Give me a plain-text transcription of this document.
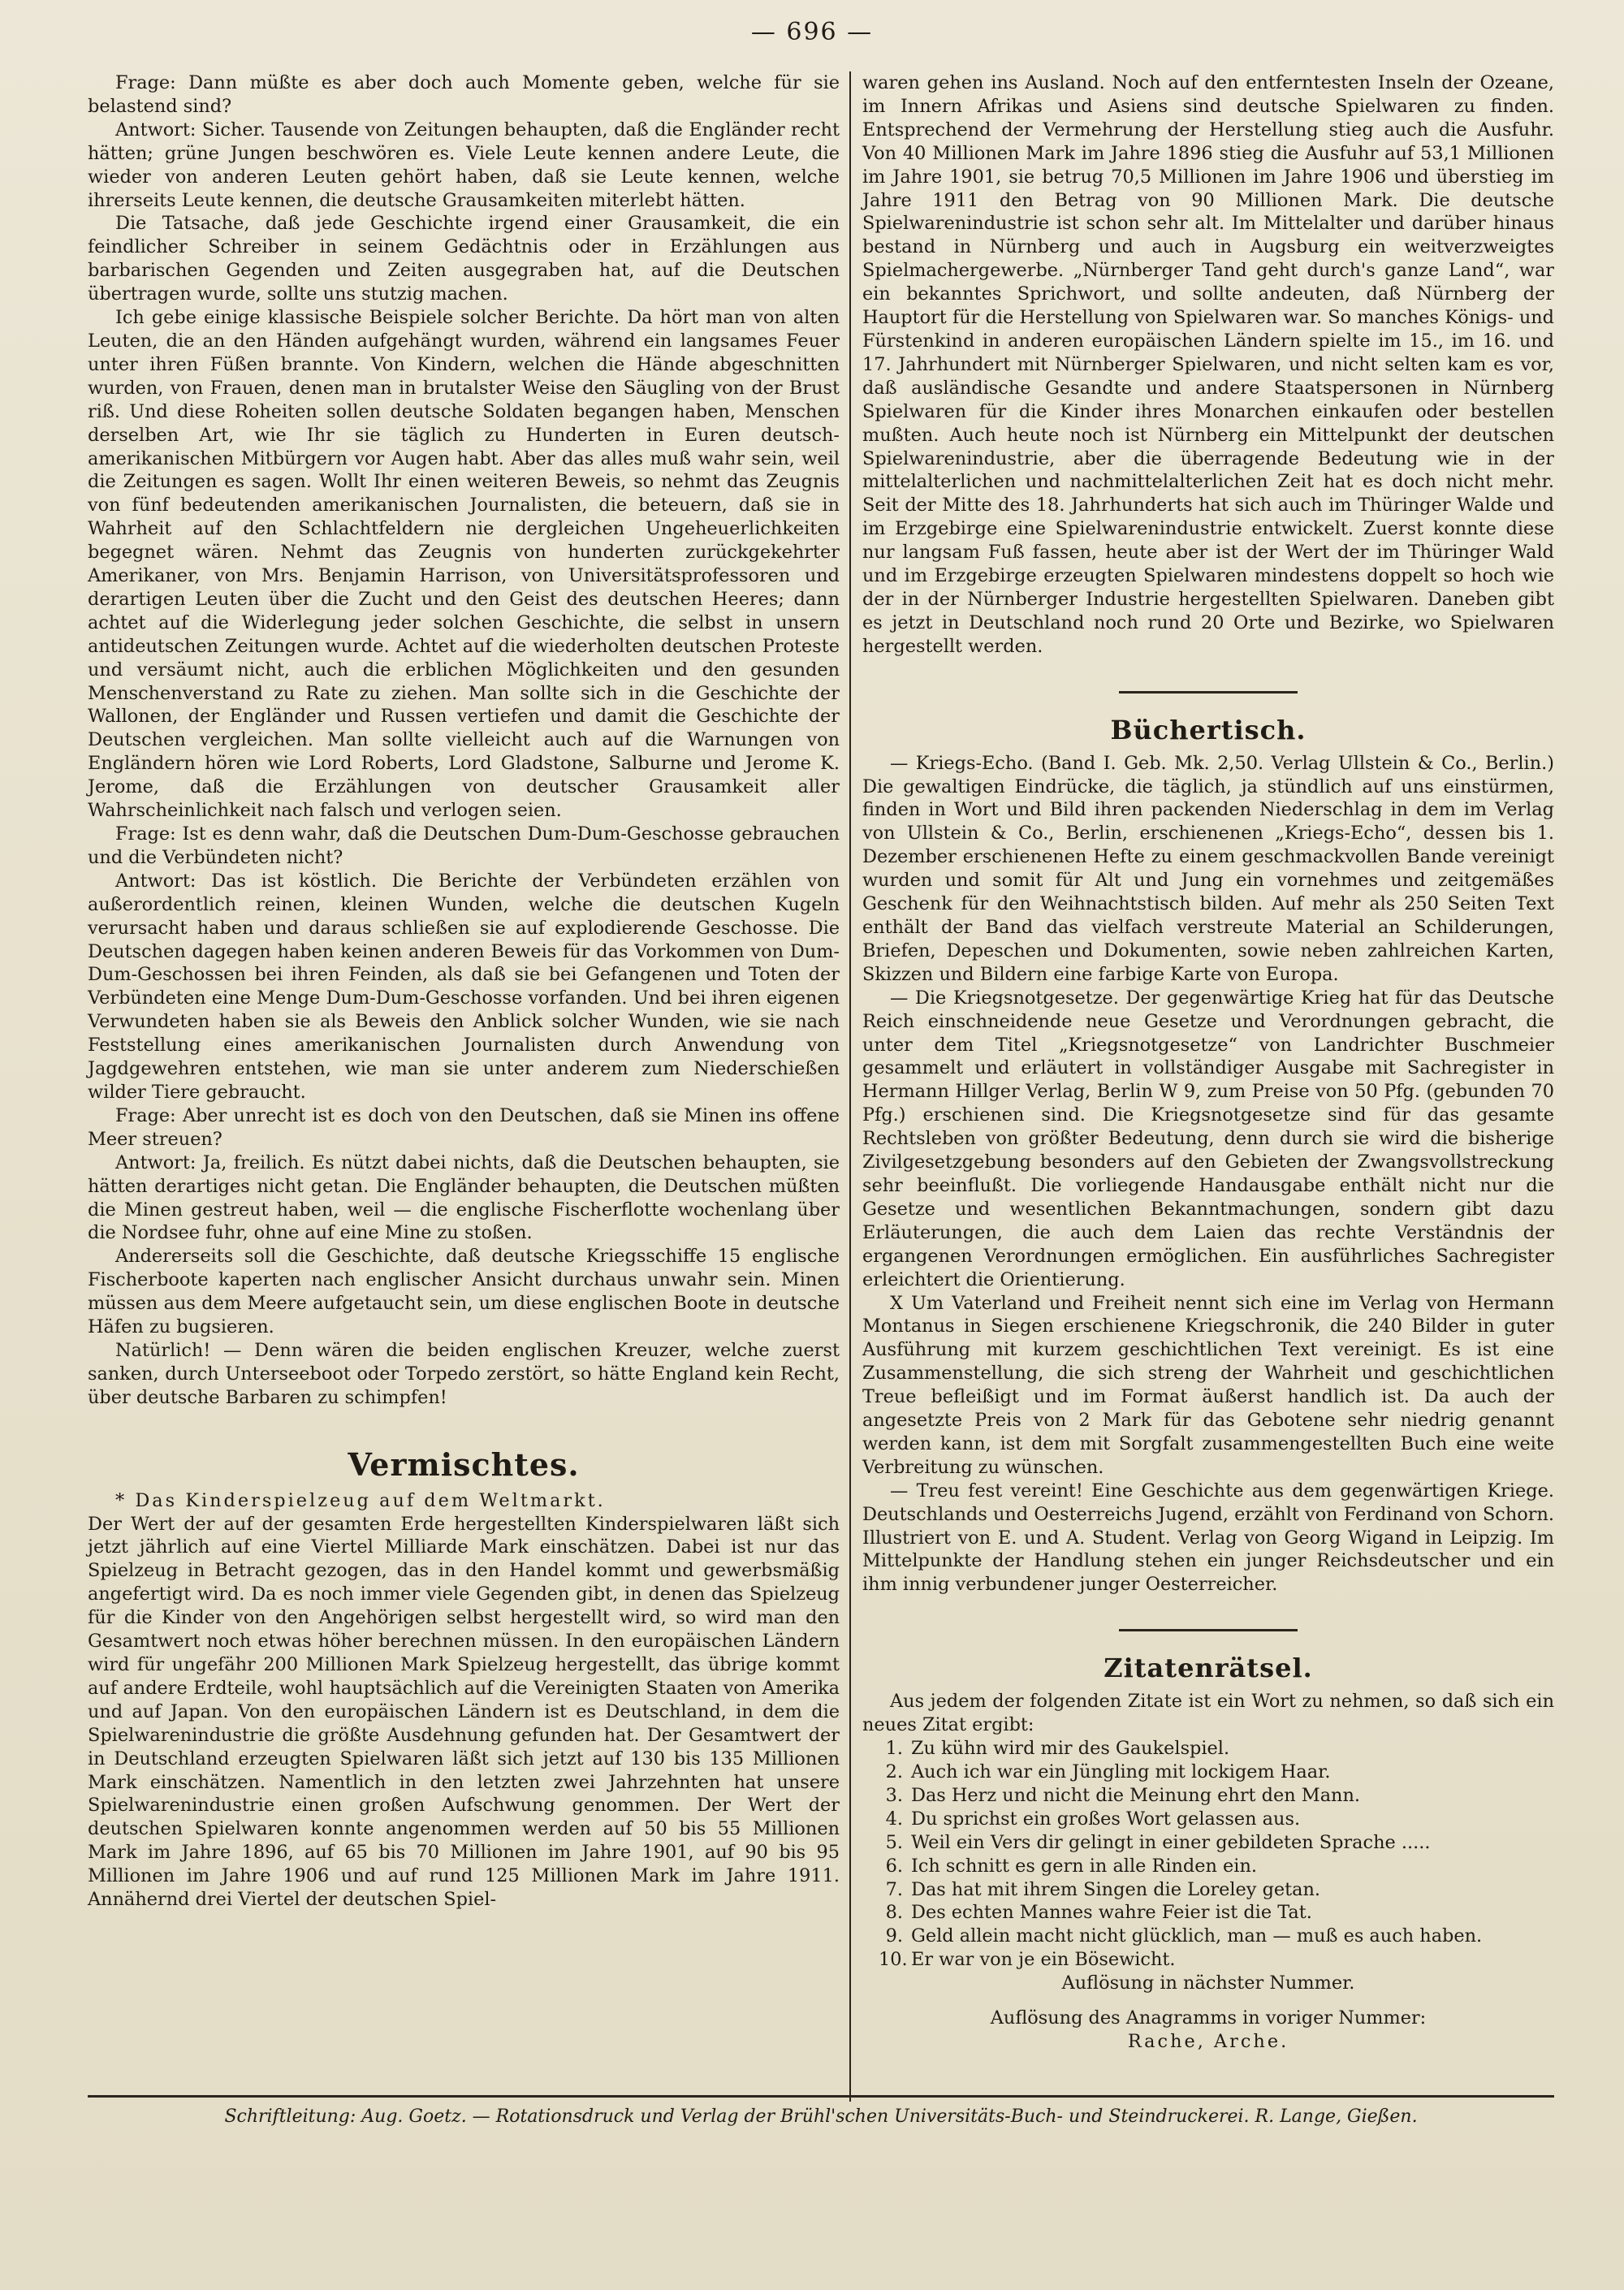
— 696 —

Frage: Dann müßte es aber doch auch Momente geben, welche für sie belastend sind?

Antwort: Sicher. Tausende von Zeitungen behaupten, daß die Engländer recht hätten; grüne Jungen beschwören es. Viele Leute kennen andere Leute, die wieder von anderen Leuten gehört haben, daß sie Leute kennen, welche ihrerseits Leute kennen, die deutsche Grausamkeiten miterlebt hätten.

Die Tatsache, daß jede Geschichte irgend einer Grausamkeit, die ein feindlicher Schreiber in seinem Gedächtnis oder in Erzählungen aus barbarischen Gegenden und Zeiten ausgegraben hat, auf die Deutschen übertragen wurde, sollte uns stutzig machen.

Ich gebe einige klassische Beispiele solcher Berichte. Da hört man von alten Leuten, die an den Händen aufgehängt wurden, während ein langsames Feuer unter ihren Füßen brannte. Von Kindern, welchen die Hände abgeschnitten wurden, von Frauen, denen man in brutalster Weise den Säugling von der Brust riß. Und diese Roheiten sollen deutsche Soldaten begangen haben, Menschen derselben Art, wie Ihr sie täglich zu Hunderten in Euren deutsch-amerikanischen Mitbürgern vor Augen habt. Aber das alles muß wahr sein, weil die Zeitungen es sagen. Wollt Ihr einen weiteren Beweis, so nehmt das Zeugnis von fünf bedeutenden amerikanischen Journalisten, die beteuern, daß sie in Wahrheit auf den Schlachtfeldern nie dergleichen Ungeheuerlichkeiten begegnet wären. Nehmt das Zeugnis von hunderten zurückgekehrter Amerikaner, von Mrs. Benjamin Harrison, von Universitätsprofessoren und derartigen Leuten über die Zucht und den Geist des deutschen Heeres; dann achtet auf die Widerlegung jeder solchen Geschichte, die selbst in unsern antideutschen Zeitungen wurde. Achtet auf die wiederholten deutschen Proteste und versäumt nicht, auch die erblichen Möglichkeiten und den gesunden Menschenverstand zu Rate zu ziehen. Man sollte sich in die Geschichte der Wallonen, der Engländer und Russen vertiefen und damit die Geschichte der Deutschen vergleichen. Man sollte vielleicht auch auf die Warnungen von Engländern hören wie Lord Roberts, Lord Gladstone, Salburne und Jerome K. Jerome, daß die Erzählungen von deutscher Grausamkeit aller Wahrscheinlichkeit nach falsch und verlogen seien.

Frage: Ist es denn wahr, daß die Deutschen Dum-Dum-Geschosse gebrauchen und die Verbündeten nicht?

Antwort: Das ist köstlich. Die Berichte der Verbündeten erzählen von außerordentlich reinen, kleinen Wunden, welche die deutschen Kugeln verursacht haben und daraus schließen sie auf explodierende Geschosse. Die Deutschen dagegen haben keinen anderen Beweis für das Vorkommen von Dum-Dum-Geschossen bei ihren Feinden, als daß sie bei Gefangenen und Toten der Verbündeten eine Menge Dum-Dum-Geschosse vorfanden. Und bei ihren eigenen Verwundeten haben sie als Beweis den Anblick solcher Wunden, wie sie nach Feststellung eines amerikanischen Journalisten durch Anwendung von Jagdgewehren entstehen, wie man sie unter anderem zum Niederschießen wilder Tiere gebraucht.

Frage: Aber unrecht ist es doch von den Deutschen, daß sie Minen ins offene Meer streuen?

Antwort: Ja, freilich. Es nützt dabei nichts, daß die Deutschen behaupten, sie hätten derartiges nicht getan. Die Engländer behaupten, die Deutschen müßten die Minen gestreut haben, weil — die englische Fischerflotte wochenlang über die Nordsee fuhr, ohne auf eine Mine zu stoßen.

Andererseits soll die Geschichte, daß deutsche Kriegsschiffe 15 englische Fischerboote kaperten nach englischer Ansicht durchaus unwahr sein. Minen müssen aus dem Meere aufgetaucht sein, um diese englischen Boote in deutsche Häfen zu bugsieren.

Natürlich! — Denn wären die beiden englischen Kreuzer, welche zuerst sanken, durch Unterseeboot oder Torpedo zerstört, so hätte England kein Recht, über deutsche Barbaren zu schimpfen!

Vermischtes.

* Das Kinderspielzeug auf dem Weltmarkt.

Der Wert der auf der gesamten Erde hergestellten Kinderspielwaren läßt sich jetzt jährlich auf eine Viertel Milliarde Mark einschätzen. Dabei ist nur das Spielzeug in Betracht gezogen, das in den Handel kommt und gewerbsmäßig angefertigt wird. Da es noch immer viele Gegenden gibt, in denen das Spielzeug für die Kinder von den Angehörigen selbst hergestellt wird, so wird man den Gesamtwert noch etwas höher berechnen müssen. In den europäischen Ländern wird für ungefähr 200 Millionen Mark Spielzeug hergestellt, das übrige kommt auf andere Erdteile, wohl hauptsächlich auf die Vereinigten Staaten von Amerika und auf Japan. Von den europäischen Ländern ist es Deutschland, in dem die Spielwarenindustrie die größte Ausdehnung gefunden hat. Der Gesamtwert der in Deutschland erzeugten Spielwaren läßt sich jetzt auf 130 bis 135 Millionen Mark einschätzen. Namentlich in den letzten zwei Jahrzehnten hat unsere Spielwarenindustrie einen großen Aufschwung genommen. Der Wert der deutschen Spielwaren konnte angenommen werden auf 50 bis 55 Millionen Mark im Jahre 1896, auf 65 bis 70 Millionen im Jahre 1901, auf 90 bis 95 Millionen im Jahre 1906 und auf rund 125 Millionen Mark im Jahre 1911. Annähernd drei Viertel der deutschen Spiel-

waren gehen ins Ausland. Noch auf den entferntesten Inseln der Ozeane, im Innern Afrikas und Asiens sind deutsche Spielwaren zu finden. Entsprechend der Vermehrung der Herstellung stieg auch die Ausfuhr. Von 40 Millionen Mark im Jahre 1896 stieg die Ausfuhr auf 53,1 Millionen im Jahre 1901, sie betrug 70,5 Millionen im Jahre 1906 und überstieg im Jahre 1911 den Betrag von 90 Millionen Mark. Die deutsche Spielwarenindustrie ist schon sehr alt. Im Mittelalter und darüber hinaus bestand in Nürnberg und auch in Augsburg ein weitverzweigtes Spielmachergewerbe. „Nürnberger Tand geht durch's ganze Land“, war ein bekanntes Sprichwort, und sollte andeuten, daß Nürnberg der Hauptort für die Herstellung von Spielwaren war. So manches Königs- und Fürstenkind in anderen europäischen Ländern spielte im 15., im 16. und 17. Jahrhundert mit Nürnberger Spielwaren, und nicht selten kam es vor, daß ausländische Gesandte und andere Staatspersonen in Nürnberg Spielwaren für die Kinder ihres Monarchen einkaufen oder bestellen mußten. Auch heute noch ist Nürnberg ein Mittelpunkt der deutschen Spielwarenindustrie, aber die überragende Bedeutung wie in der mittelalterlichen und nachmittelalterlichen Zeit hat es doch nicht mehr. Seit der Mitte des 18. Jahrhunderts hat sich auch im Thüringer Walde und im Erzgebirge eine Spielwarenindustrie entwickelt. Zuerst konnte diese nur langsam Fuß fassen, heute aber ist der Wert der im Thüringer Wald und im Erzgebirge erzeugten Spielwaren mindestens doppelt so hoch wie der in der Nürnberger Industrie hergestellten Spielwaren. Daneben gibt es jetzt in Deutschland noch rund 20 Orte und Bezirke, wo Spielwaren hergestellt werden.

Büchertisch.

— Kriegs-Echo. (Band I. Geb. Mk. 2,50. Verlag Ullstein & Co., Berlin.) Die gewaltigen Eindrücke, die täglich, ja stündlich auf uns einstürmen, finden in Wort und Bild ihren packenden Niederschlag in dem im Verlag von Ullstein & Co., Berlin, erschienenen „Kriegs-Echo“, dessen bis 1. Dezember erschienenen Hefte zu einem geschmackvollen Bande vereinigt wurden und somit für Alt und Jung ein vornehmes und zeitgemäßes Geschenk für den Weihnachtstisch bilden. Auf mehr als 250 Seiten Text enthält der Band das vielfach verstreute Material an Schilderungen, Briefen, Depeschen und Dokumenten, sowie neben zahlreichen Karten, Skizzen und Bildern eine farbige Karte von Europa.

— Die Kriegsnotgesetze. Der gegenwärtige Krieg hat für das Deutsche Reich einschneidende neue Gesetze und Verordnungen gebracht, die unter dem Titel „Kriegsnotgesetze“ von Landrichter Buschmeier gesammelt und erläutert in vollständiger Ausgabe mit Sachregister in Hermann Hillger Verlag, Berlin W 9, zum Preise von 50 Pfg. (gebunden 70 Pfg.) erschienen sind. Die Kriegsnotgesetze sind für das gesamte Rechtsleben von größter Bedeutung, denn durch sie wird die bisherige Zivilgesetzgebung besonders auf den Gebieten der Zwangsvollstreckung sehr beeinflußt. Die vorliegende Handausgabe enthält nicht nur die Gesetze und wesentlichen Bekanntmachungen, sondern gibt dazu Erläuterungen, die auch dem Laien das rechte Verständnis der ergangenen Verordnungen ermöglichen. Ein ausführliches Sachregister erleichtert die Orientierung.

X Um Vaterland und Freiheit nennt sich eine im Verlag von Hermann Montanus in Siegen erschienene Kriegschronik, die 240 Bilder in guter Ausführung mit kurzem geschichtlichen Text vereinigt. Es ist eine Zusammenstellung, die sich streng der Wahrheit und geschichtlichen Treue befleißigt und im Format äußerst handlich ist. Da auch der angesetzte Preis von 2 Mark für das Gebotene sehr niedrig genannt werden kann, ist dem mit Sorgfalt zusammengestellten Buch eine weite Verbreitung zu wünschen.

— Treu fest vereint! Eine Geschichte aus dem gegenwärtigen Kriege. Deutschlands und Oesterreichs Jugend, erzählt von Ferdinand von Schorn. Illustriert von E. und A. Student. Verlag von Georg Wigand in Leipzig. Im Mittelpunkte der Handlung stehen ein junger Reichsdeutscher und ein ihm innig verbundener junger Oesterreicher.

Zitatenrätsel.

Aus jedem der folgenden Zitate ist ein Wort zu nehmen, so daß sich ein neues Zitat ergibt:

1. Zu kühn wird mir des Gaukelspiel.
2. Auch ich war ein Jüngling mit lockigem Haar.
3. Das Herz und nicht die Meinung ehrt den Mann.
4. Du sprichst ein großes Wort gelassen aus.
5. Weil ein Vers dir gelingt in einer gebildeten Sprache .....
6. Ich schnitt es gern in alle Rinden ein.
7. Das hat mit ihrem Singen die Loreley getan.
8. Des echten Mannes wahre Feier ist die Tat.
9. Geld allein macht nicht glücklich, man — muß es auch haben.
10. Er war von je ein Bösewicht.

Auflösung in nächster Nummer.

Auflösung des Anagramms in voriger Nummer:

Rache, Arche.

Schriftleitung: Aug. Goetz. — Rotationsdruck und Verlag der Brühl'schen Universitäts-Buch- und Steindruckerei. R. Lange, Gießen.
